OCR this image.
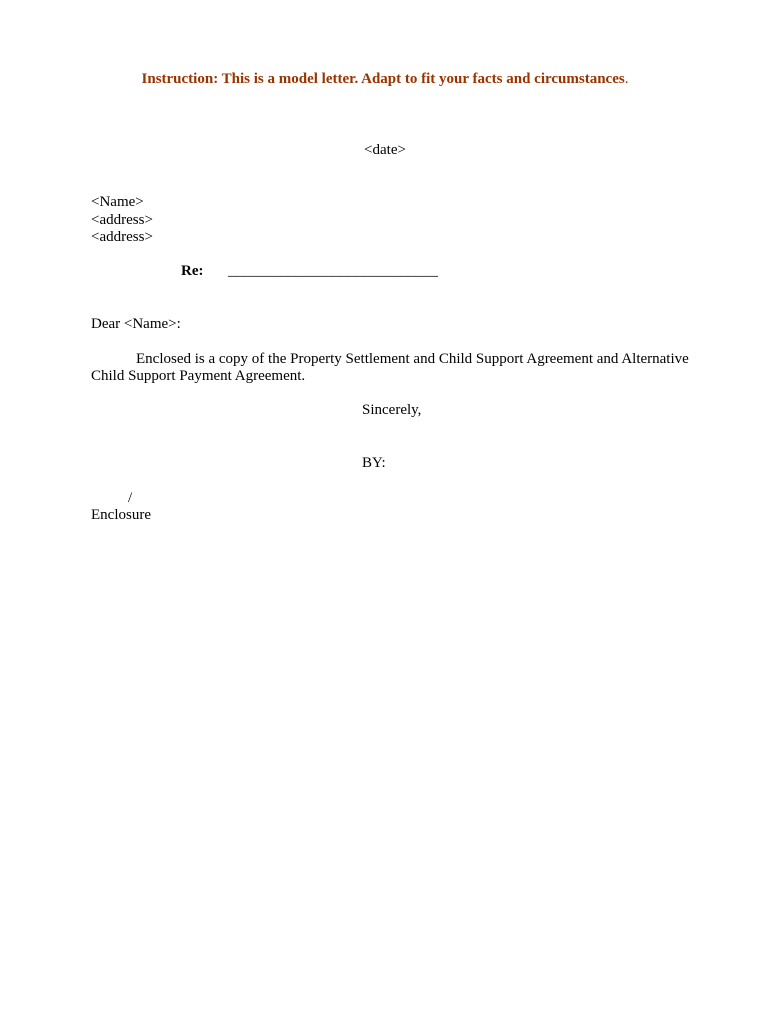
Instruction: This is a model letter. Adapt to fit your facts and circumstances.
<date>
<Name>
<address>
<address>
Re: ____________________________
Dear <Name>:
Enclosed is a copy of the Property Settlement and Child Support Agreement and Alternative Child Support Payment Agreement.
Sincerely,
BY:
/
Enclosure
